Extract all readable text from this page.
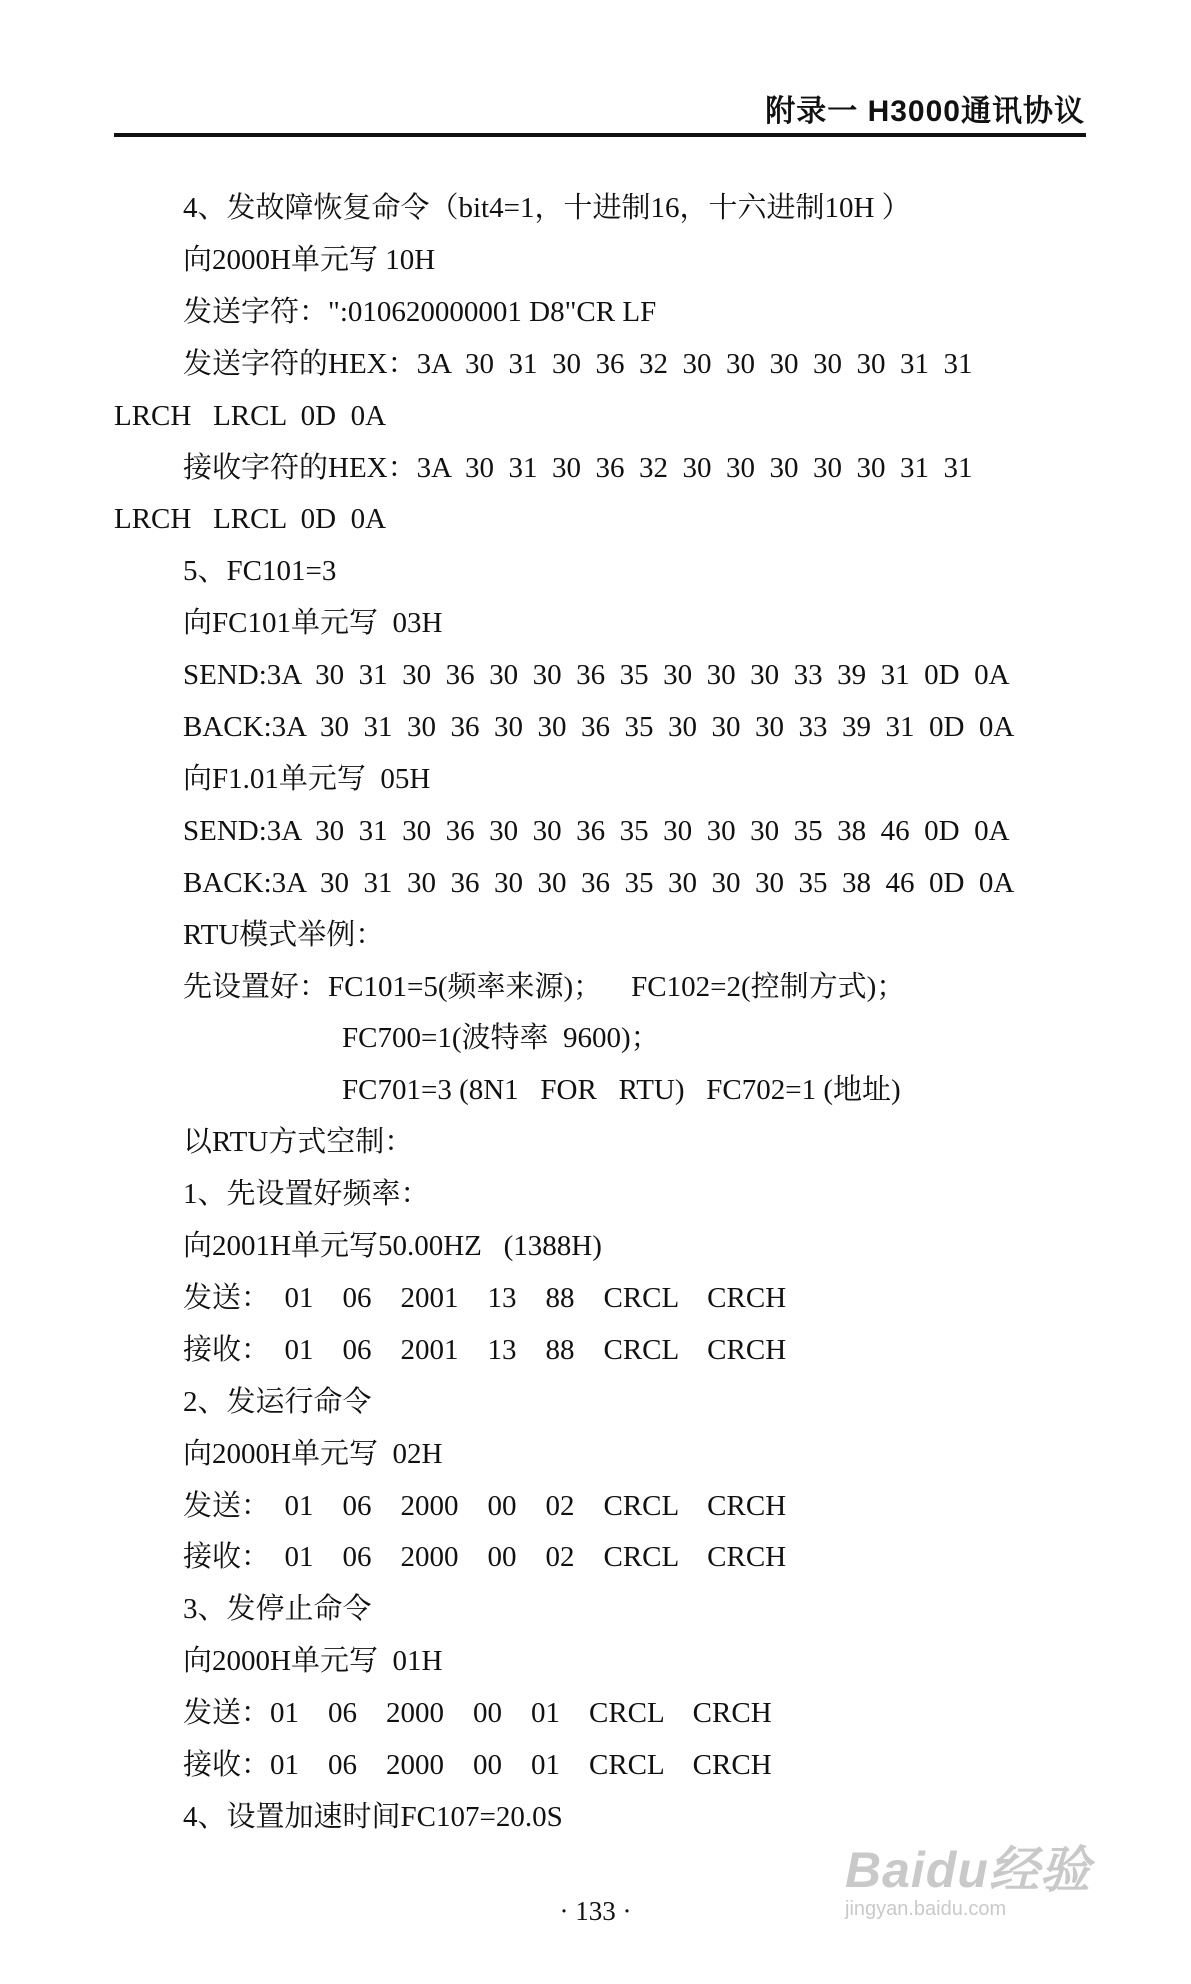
附录一 H3000通讯协议
4、发故障恢复命令（bit4=1，十进制16，十六进制10H ）
向2000H单元写 10H
发送字符：":010620000001 D8"CR LF
发送字符的HEX：3A  30  31  30  36  32  30  30  30  30  30  31  31
LRCH   LRCL  0D  0A
接收字符的HEX：3A  30  31  30  36  32  30  30  30  30  30  31  31
LRCH   LRCL  0D  0A
5、FC101=3
向FC101单元写  03H
SEND:3A  30  31  30  36  30  30  36  35  30  30  30  33  39  31  0D  0A
BACK:3A  30  31  30  36  30  30  36  35  30  30  30  33  39  31  0D  0A
向F1.01单元写  05H
SEND:3A  30  31  30  36  30  30  36  35  30  30  30  35  38  46  0D  0A
BACK:3A  30  31  30  36  30  30  36  35  30  30  30  35  38  46  0D  0A
RTU模式举例：
先设置好：FC101=5(频率来源)；    FC102=2(控制方式)；
FC700=1(波特率  9600)；
FC701=3 (8N1   FOR   RTU)   FC702=1 (地址)
以RTU方式空制：
1、先设置好频率：
向2001H单元写50.00HZ   (1388H)
发送：  01    06    2001    13    88    CRCL    CRCH
接收：  01    06    2001    13    88    CRCL    CRCH
2、发运行命令
向2000H单元写  02H
发送：  01    06    2000    00    02    CRCL    CRCH
接收：  01    06    2000    00    02    CRCL    CRCH
3、发停止命令
向2000H单元写  01H
发送：01    06    2000    00    01    CRCL    CRCH
接收：01    06    2000    00    01    CRCL    CRCH
4、设置加速时间FC107=20.0S
· 133 ·
Baidu经验
jingyan.baidu.com
